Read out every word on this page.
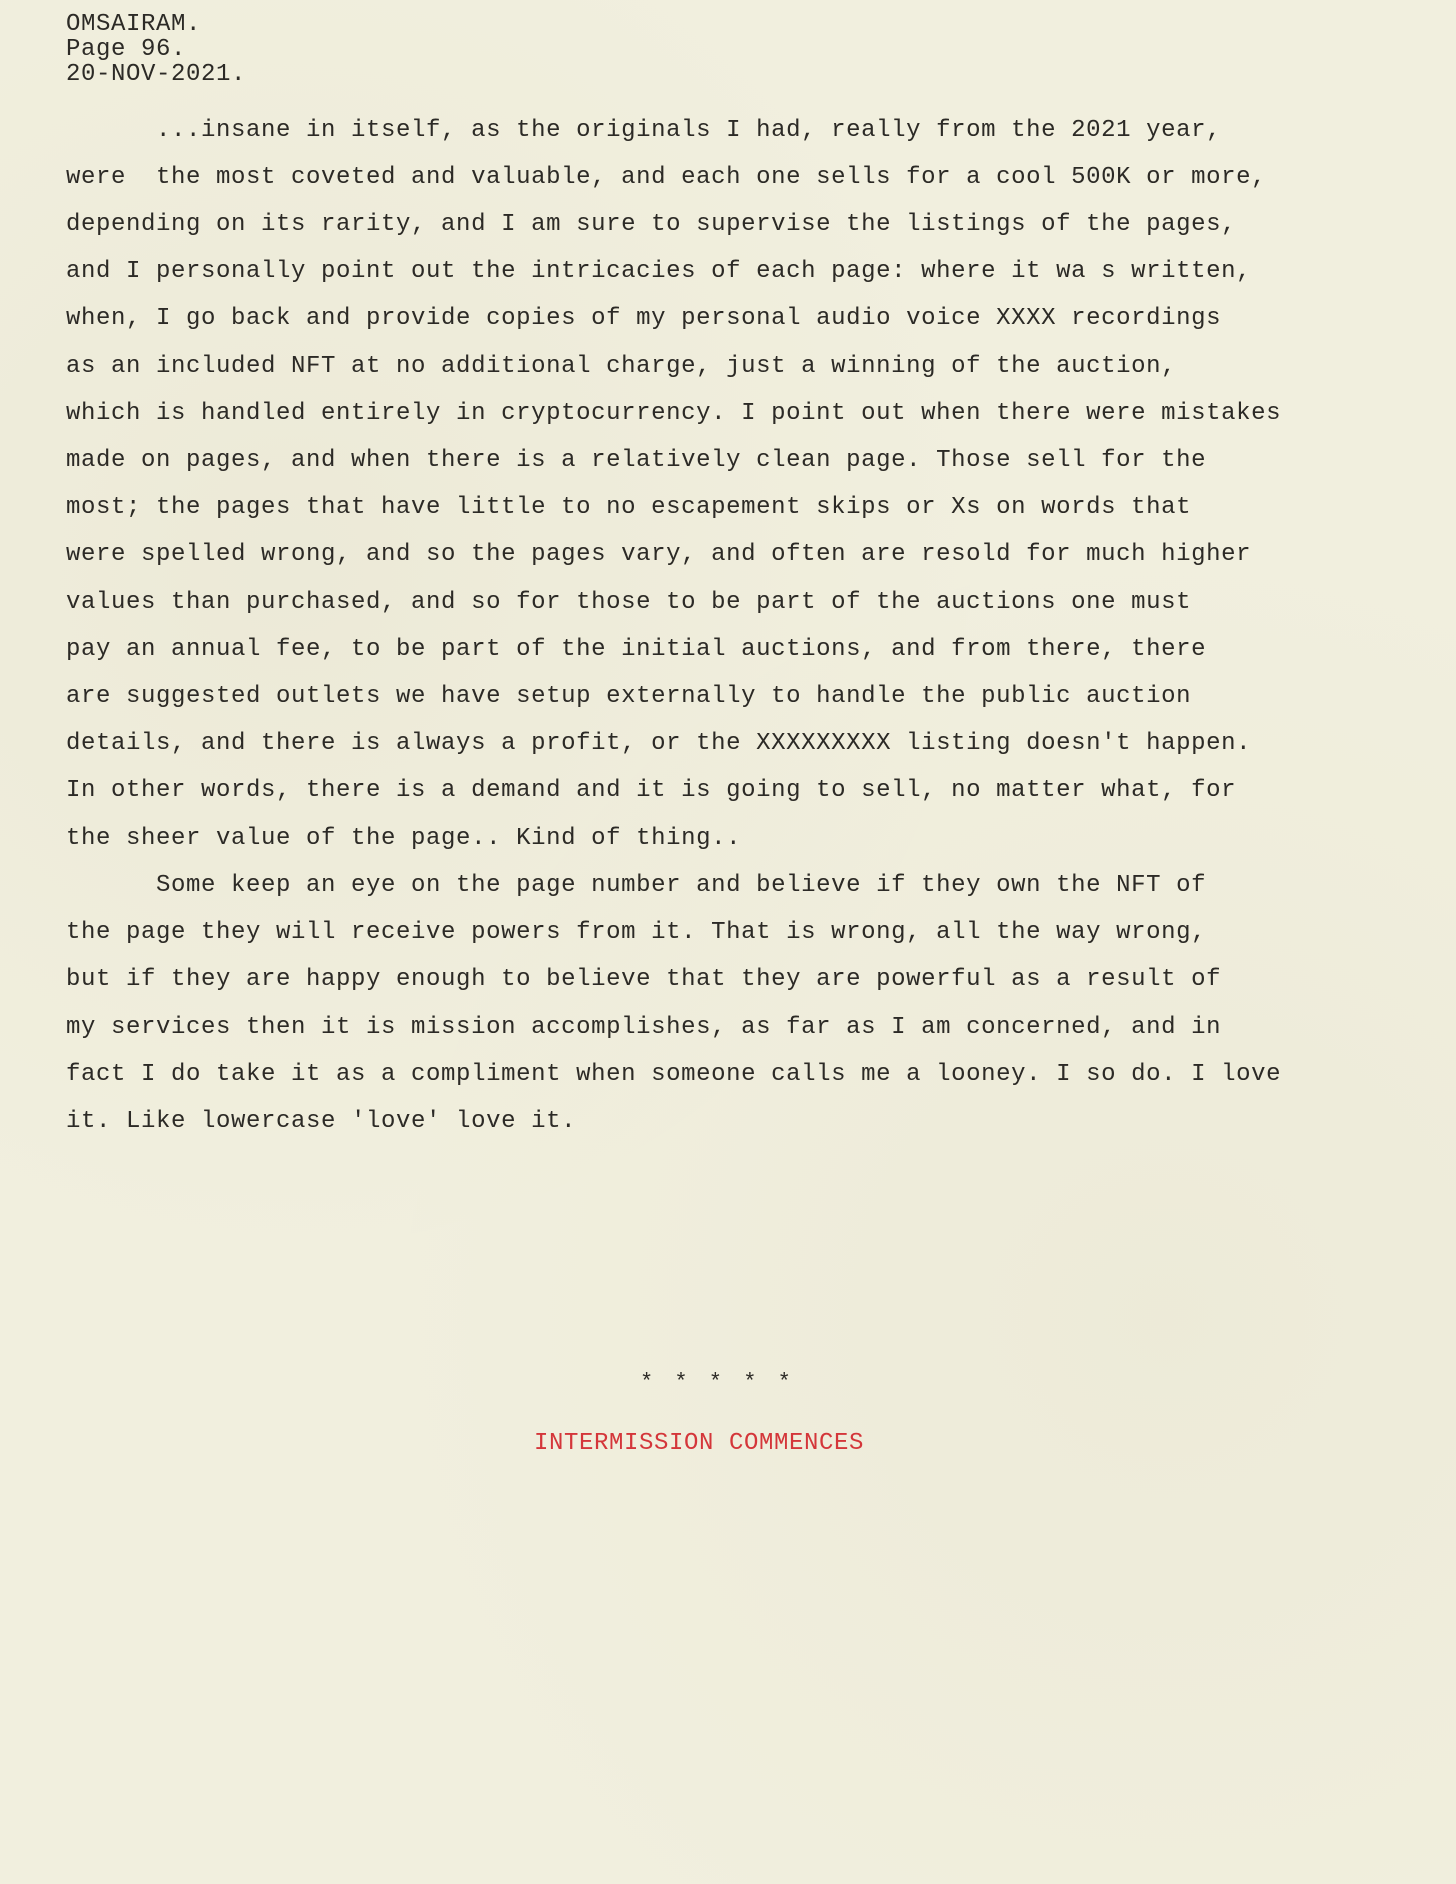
OMSAIRAM.
Page 96.
20-NOV-2021.
...insane in itself, as the originals I had, really from the 2021 year,
were  the most coveted and valuable, and each one sells for a cool 500K or more,
depending on its rarity, and I am sure to supervise the listings of the pages,
and I personally point out the intricacies of each page: where it wa s written,
when, I go back and provide copies of my personal audio voice XXXX recordings
as an included NFT at no additional charge, just a winning of the auction,
which is handled entirely in cryptocurrency. I point out when there were mistakes
made on pages, and when there is a relatively clean page. Those sell for the
most; the pages that have little to no escapement skips or Xs on words that
were spelled wrong, and so the pages vary, and often are resold for much higher
values than purchased, and so for those to be part of the auctions one must
pay an annual fee, to be part of the initial auctions, and from there, there
are suggested outlets we have setup externally to handle the public auction
details, and there is always a profit, or the XXXXXXXXX listing doesn't happen.
In other words, there is a demand and it is going to sell, no matter what, for
the sheer value of the page.. Kind of thing..
Some keep an eye on the page number and believe if they own the NFT of
the page they will receive powers from it. That is wrong, all the way wrong,
but if they are happy enough to believe that they are powerful as a result of
my services then it is mission accomplishes, as far as I am concerned, and in
fact I do take it as a compliment when someone calls me a looney. I so do. I love
it. Like lowercase 'love' love it.
* * * * *
INTERMISSION COMMENCES
